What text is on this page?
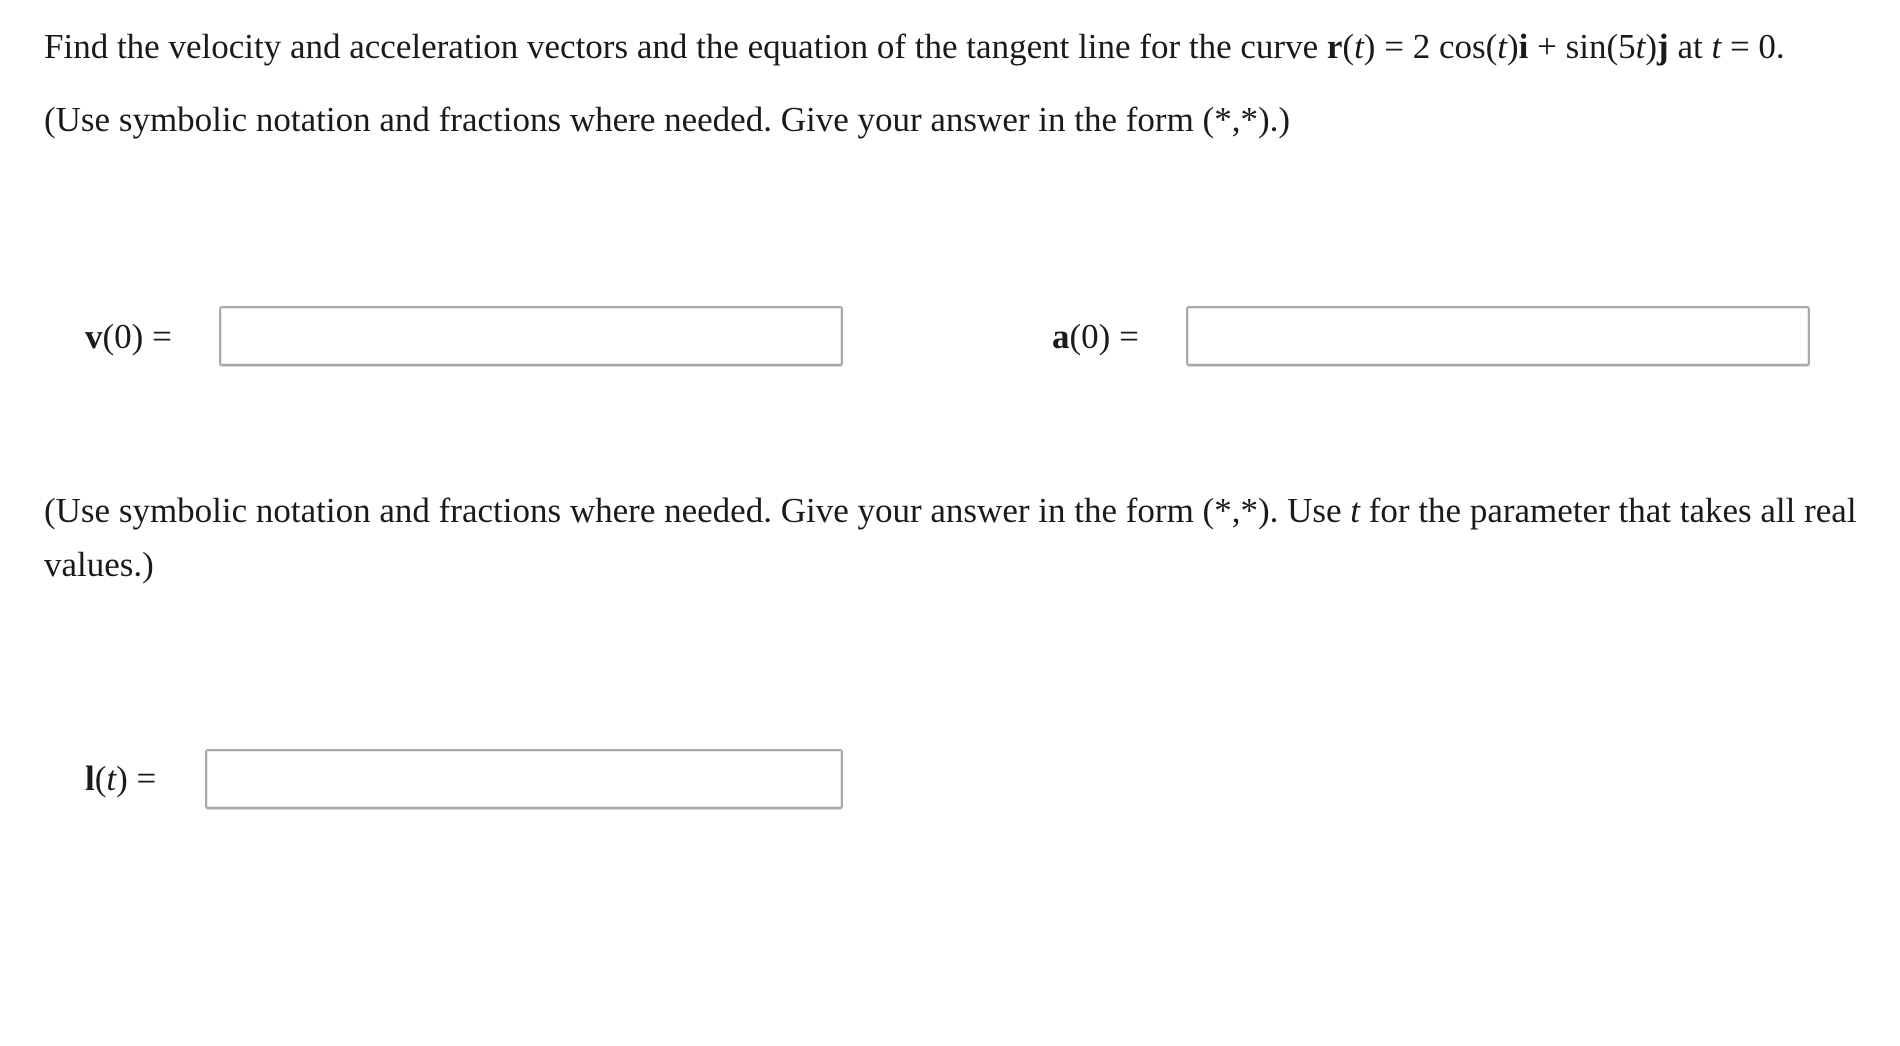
Find the velocity and acceleration vectors and the equation of the tangent line for the curve r(t) = 2 cos(t)i + sin(5t)j at t = 0.
(Use symbolic notation and fractions where needed. Give your answer in the form (*,*).)
v(0) =	a(0) =
(Use symbolic notation and fractions where needed. Give your answer in the form (*,*). Use t for the parameter that takes all real values.)
l(t) =
